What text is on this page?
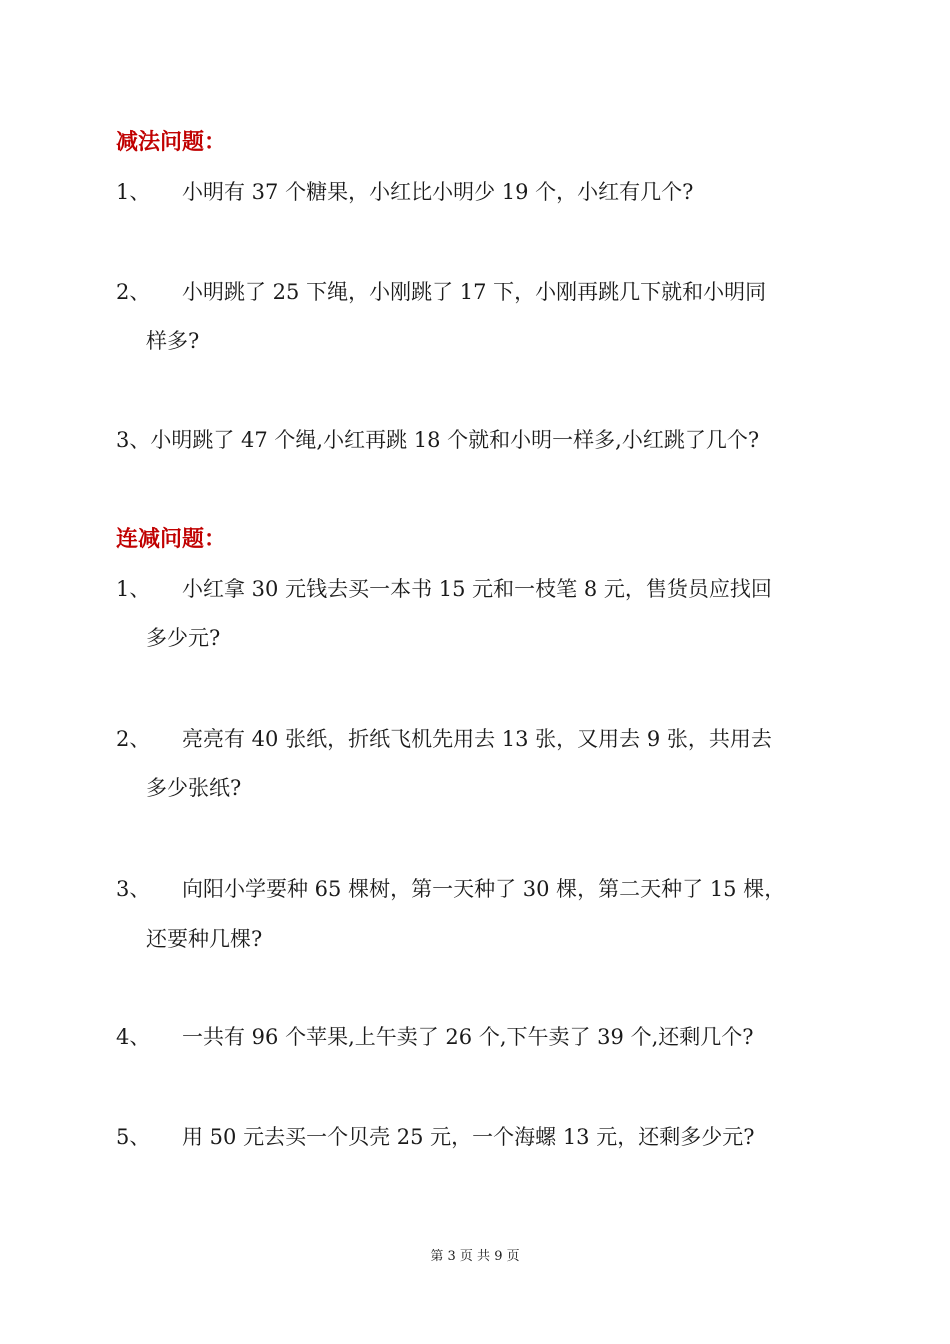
减法问题：
1、 小明有 37 个糖果，小红比小明少 19 个，小红有几个?
2、 小明跳了 25 下绳，小刚跳了 17 下，小刚再跳几下就和小明同
样多?
3、小明跳了 47 个绳,小红再跳 18 个就和小明一样多,小红跳了几个?
连减问题：
1、 小红拿 30 元钱去买一本书 15 元和一枝笔 8 元，售货员应找回
多少元?
2、 亮亮有 40 张纸，折纸飞机先用去 13 张，又用去 9 张，共用去
多少张纸?
3、 向阳小学要种 65 棵树，第一天种了 30 棵，第二天种了 15 棵，
还要种几棵?
4、 一共有 96 个苹果,上午卖了 26 个,下午卖了 39 个,还剩几个?
5、 用 50 元去买一个贝壳 25 元，一个海螺 13 元，还剩多少元?
第 3 页 共 9 页
